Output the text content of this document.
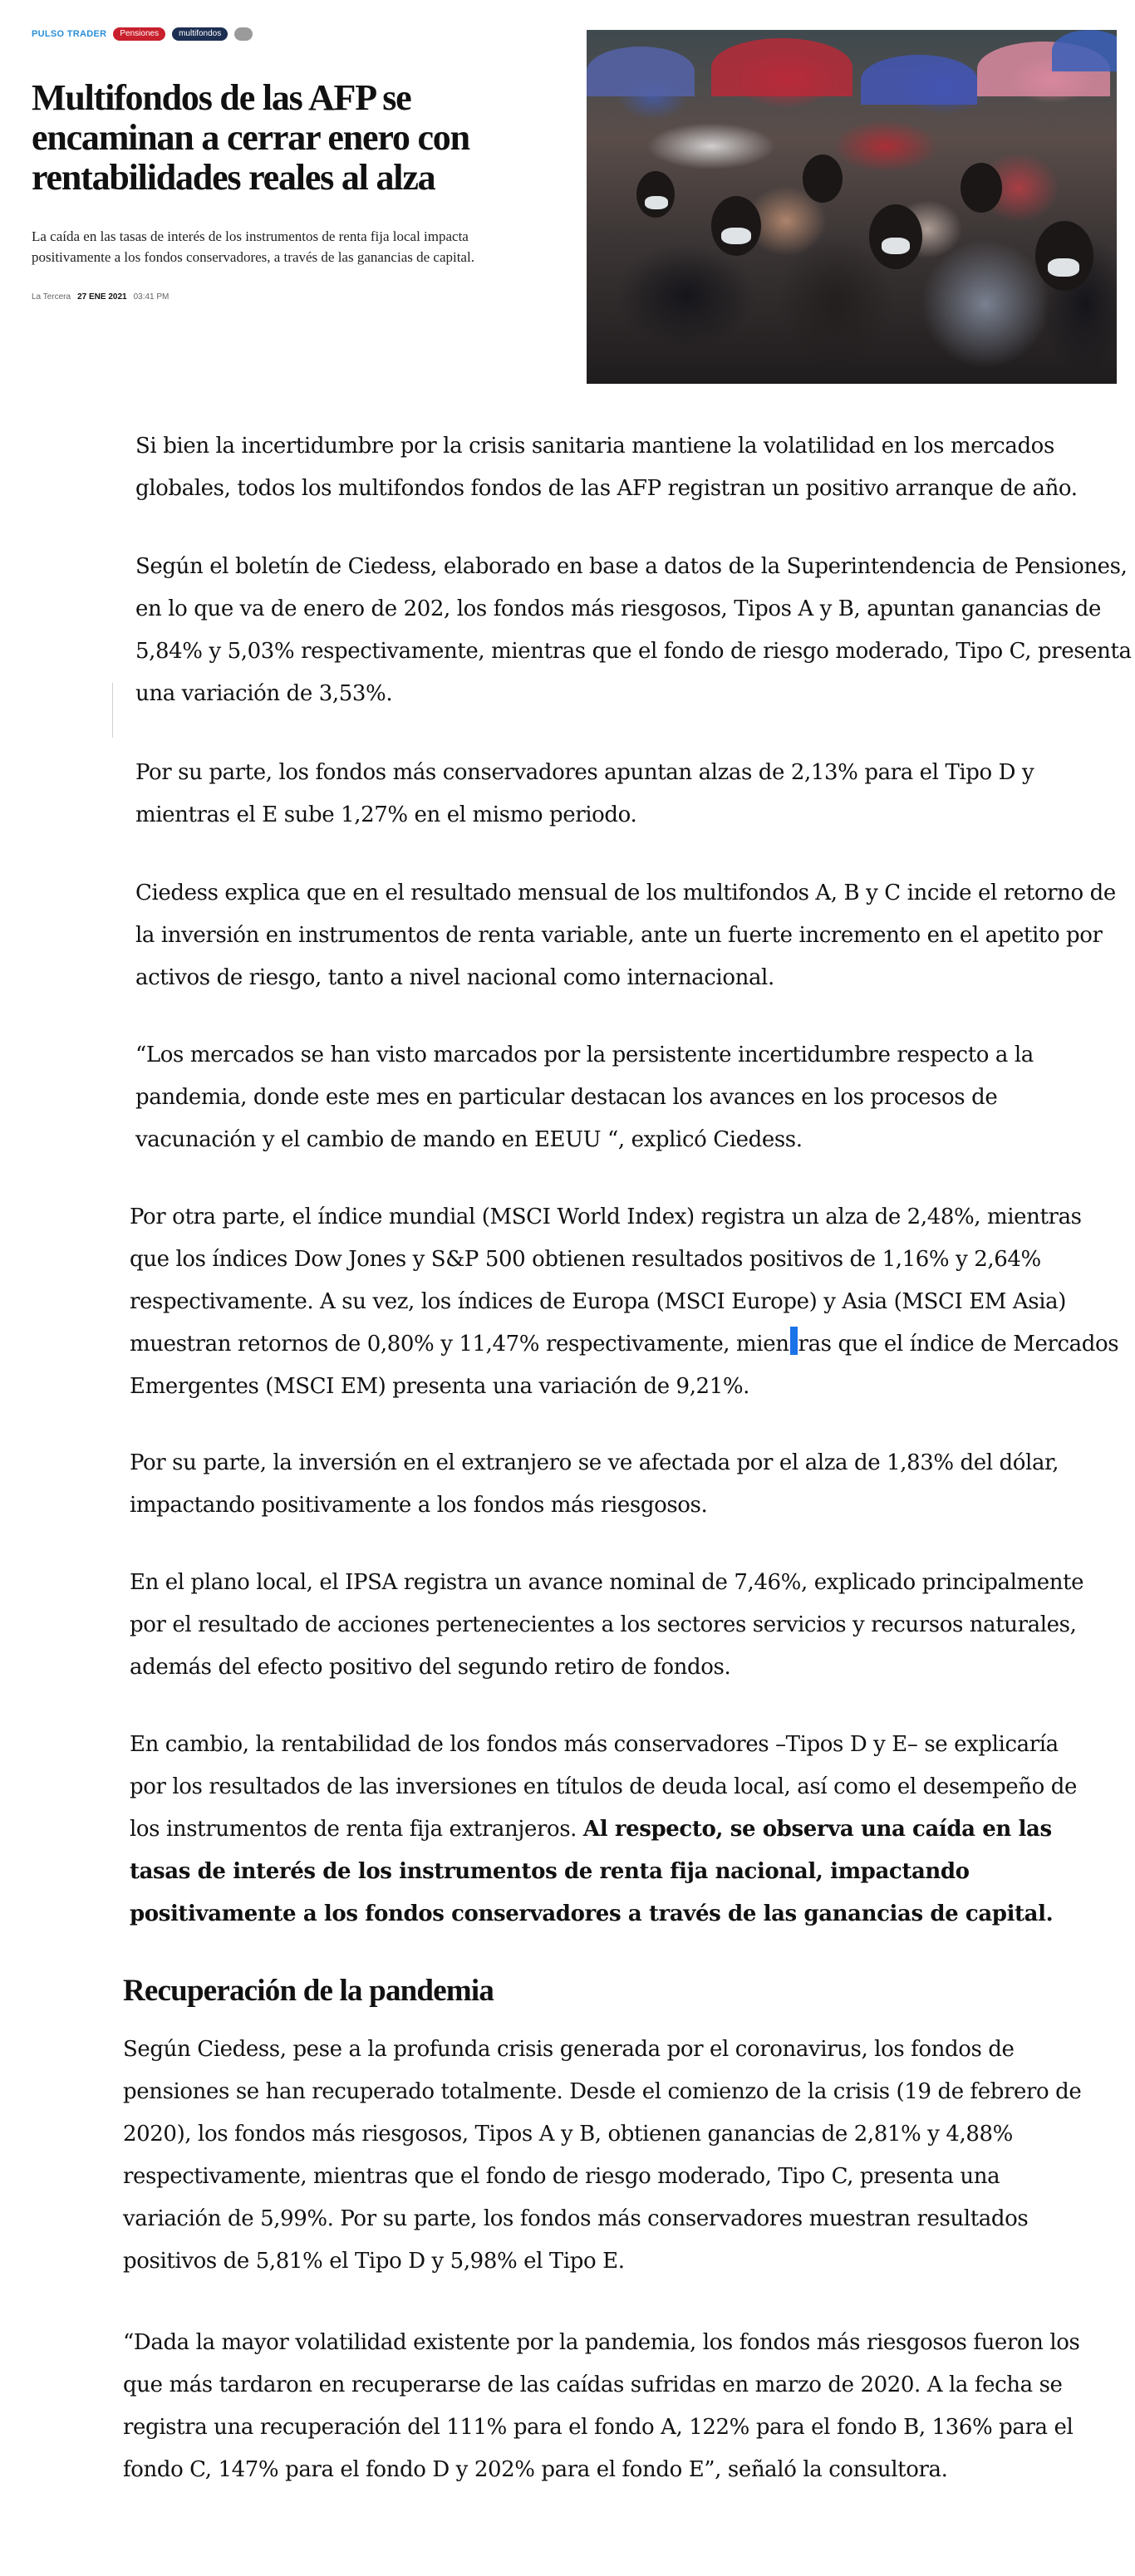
PULSO TRADER	Pensiones	multifondos
Multifondos de las AFP se encaminan a cerrar enero con rentabilidades reales al alza

La caída en las tasas de interés de los instrumentos de renta fija local impacta positivamente a los fondos conservadores, a través de las ganancias de capital.

La Tercera 27 ENE 2021 03:41 PM

Si bien la incertidumbre por la crisis sanitaria mantiene la volatilidad en los mercados globales, todos los multifondos fondos de las AFP registran un positivo arranque de año.

Según el boletín de Ciedess, elaborado en base a datos de la Superintendencia de Pensiones, en lo que va de enero de 202, los fondos más riesgosos, Tipos A y B, apuntan ganancias de 5,84% y 5,03% respectivamente, mientras que el fondo de riesgo moderado, Tipo C, presenta una variación de 3,53%.

Por su parte, los fondos más conservadores apuntan alzas de 2,13% para el Tipo D y mientras el E sube 1,27% en el mismo periodo.

Ciedess explica que en el resultado mensual de los multifondos A, B y C incide el retorno de la inversión en instrumentos de renta variable, ante un fuerte incremento en el apetito por activos de riesgo, tanto a nivel nacional como internacional.

“Los mercados se han visto marcados por la persistente incertidumbre respecto a la pandemia, donde este mes en particular destacan los avances en los procesos de vacunación y el cambio de mando en EEUU “, explicó Ciedess.

Por otra parte, el índice mundial (MSCI World Index) registra un alza de 2,48%, mientras que los índices Dow Jones y S&P 500 obtienen resultados positivos de 1,16% y 2,64% respectivamente. A su vez, los índices de Europa (MSCI Europe) y Asia (MSCI EM Asia) muestran retornos de 0,80% y 11,47% respectivamente, mien ras que el índice de Mercados Emergentes (MSCI EM) presenta una variación de 9,21%.

Por su parte, la inversión en el extranjero se ve afectada por el alza de 1,83% del dólar, impactando positivamente a los fondos más riesgosos.

En el plano local, el IPSA registra un avance nominal de 7,46%, explicado principalmente por el resultado de acciones pertenecientes a los sectores servicios y recursos naturales, además del efecto positivo del segundo retiro de fondos.

En cambio, la rentabilidad de los fondos más conservadores –Tipos D y E– se explicaría por los resultados de las inversiones en títulos de deuda local, así como el desempeño de los instrumentos de renta fija extranjeros. Al respecto, se observa una caída en las tasas de interés de los instrumentos de renta fija nacional, impactando positivamente a los fondos conservadores a través de las ganancias de capital.

Recuperación de la pandemia

Según Ciedess, pese a la profunda crisis generada por el coronavirus, los fondos de pensiones se han recuperado totalmente. Desde el comienzo de la crisis (19 de febrero de 2020), los fondos más riesgosos, Tipos A y B, obtienen ganancias de 2,81% y 4,88% respectivamente, mientras que el fondo de riesgo moderado, Tipo C, presenta una variación de 5,99%. Por su parte, los fondos más conservadores muestran resultados positivos de 5,81% el Tipo D y 5,98% el Tipo E.

“Dada la mayor volatilidad existente por la pandemia, los fondos más riesgosos fueron los que más tardaron en recuperarse de las caídas sufridas en marzo de 2020. A la fecha se registra una recuperación del 111% para el fondo A, 122% para el fondo B, 136% para el fondo C, 147% para el fondo D y 202% para el fondo E”, señaló la consultora.
